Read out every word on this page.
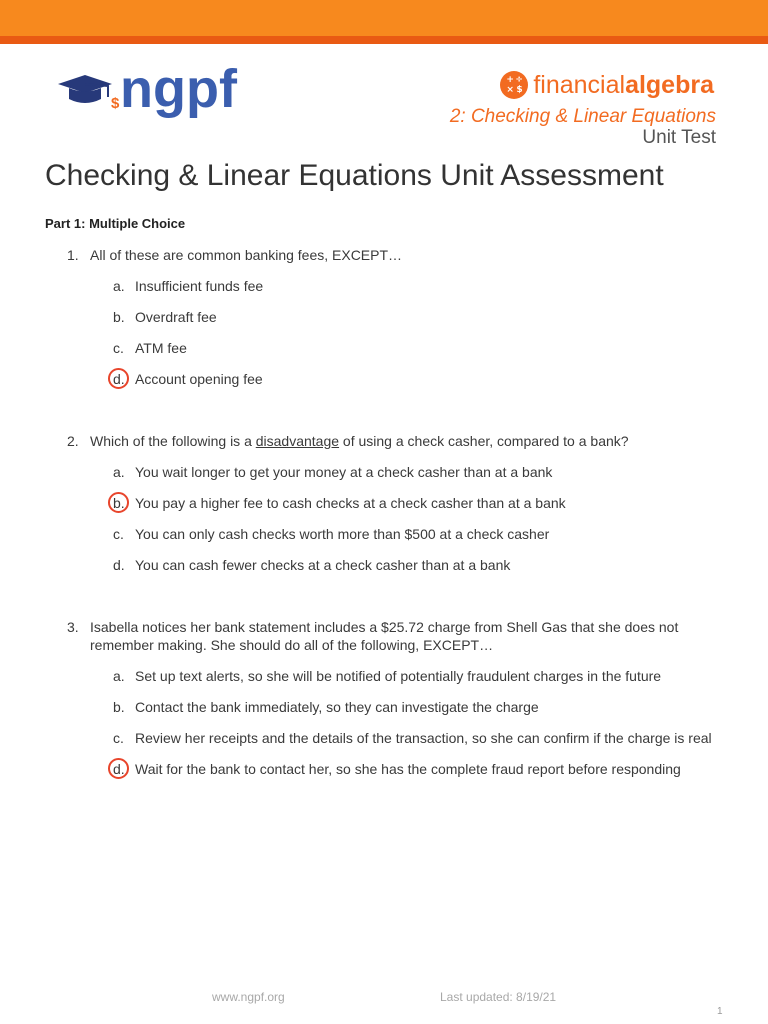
$ ngpf	+ ÷
× $ financial algebra
2: Checking & Linear Equations
Unit Test
Checking & Linear Equations Unit Assessment
Part 1: Multiple Choice
1. All of these are common banking fees, EXCEPT…
a. Insufficient funds fee
b. Overdraft fee
c. ATM fee
d. Account opening fee
2. Which of the following is a disadvantage of using a check casher, compared to a bank?
a. You wait longer to get your money at a check casher than at a bank
b. You pay a higher fee to cash checks at a check casher than at a bank
c. You can only cash checks worth more than $500 at a check casher
d. You can cash fewer checks at a check casher than at a bank
3. Isabella notices her bank statement includes a $25.72 charge from Shell Gas that she does not remember making. She should do all of the following, EXCEPT…
a. Set up text alerts, so she will be notified of potentially fraudulent charges in the future
b. Contact the bank immediately, so they can investigate the charge
c. Review her receipts and the details of the transaction, so she can confirm if the charge is real
d. Wait for the bank to contact her, so she has the complete fraud report before responding
www.ngpf.org	Last updated: 8/19/21
1
